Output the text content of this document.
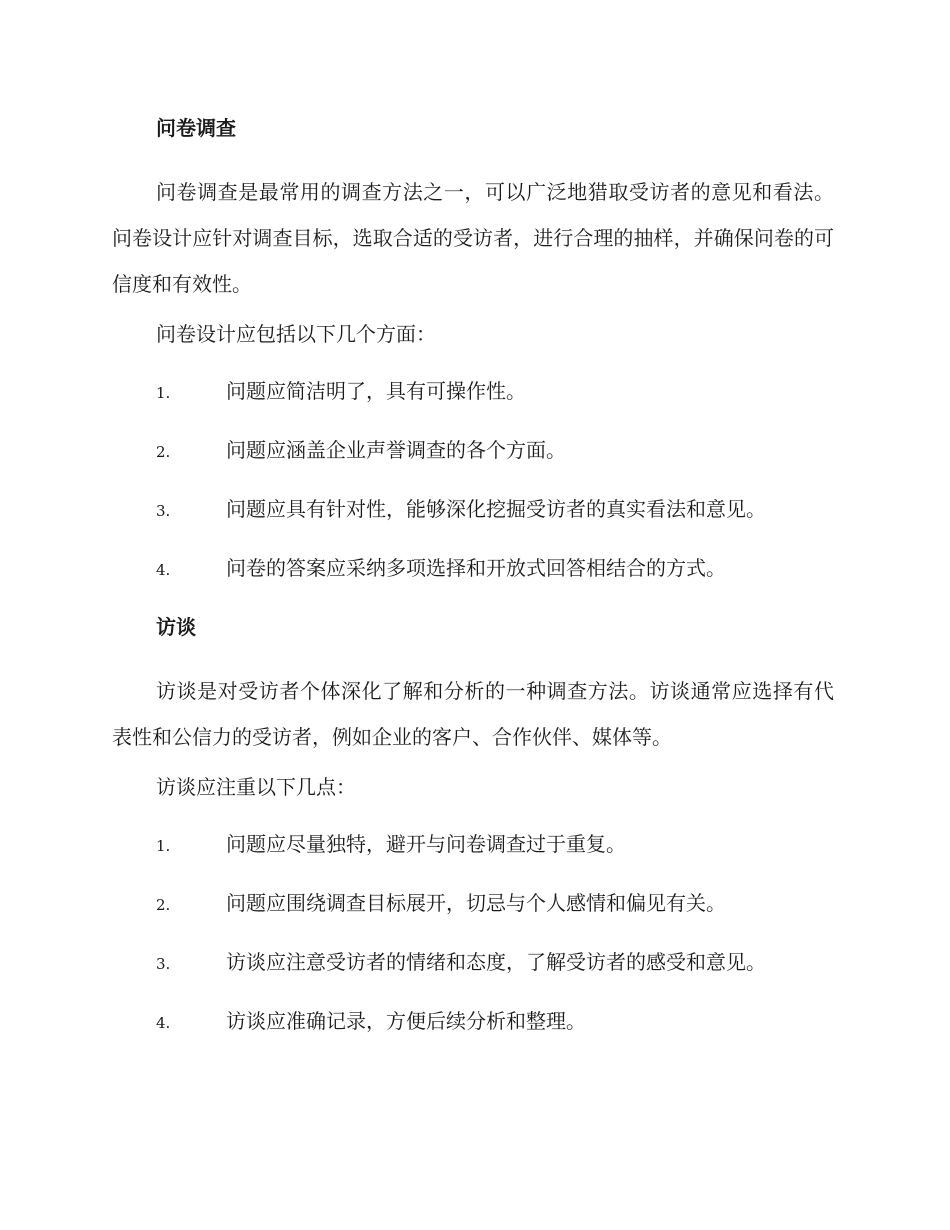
问卷调查

问卷调查是最常用的调查方法之一，可以广泛地猎取受访者的意见和看法。问卷设计应针对调查目标，选取合适的受访者，进行合理的抽样，并确保问卷的可信度和有效性。

问卷设计应包括以下几个方面：

1.	问题应简洁明了，具有可操作性。
2.	问题应涵盖企业声誉调查的各个方面。
3.	问题应具有针对性，能够深化挖掘受访者的真实看法和意见。
4.	问卷的答案应采纳多项选择和开放式回答相结合的方式。
访谈

访谈是对受访者个体深化了解和分析的一种调查方法。访谈通常应选择有代表性和公信力的受访者，例如企业的客户、合作伙伴、媒体等。

访谈应注重以下几点：

1.	问题应尽量独特，避开与问卷调查过于重复。
2.	问题应围绕调查目标展开，切忌与个人感情和偏见有关。
3.	访谈应注意受访者的情绪和态度，了解受访者的感受和意见。
4.	访谈应准确记录，方便后续分析和整理。
